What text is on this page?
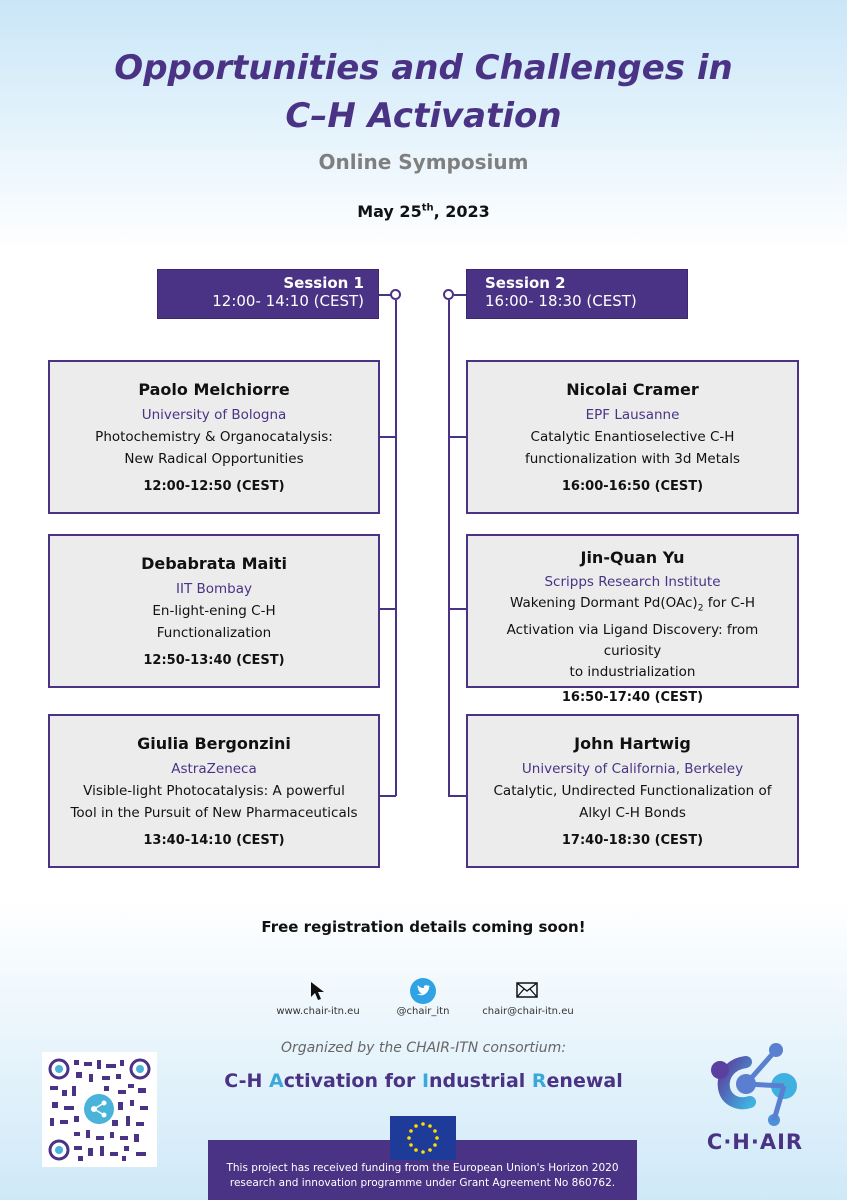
Opportunities and Challenges in
C–H Activation
Online Symposium
May 25th, 2023
Session 1
12:00- 14:10 (CEST)
Session 2
16:00- 18:30 (CEST)
Paolo Melchiorre
University of Bologna
Photochemistry & Organocatalysis:
New Radical Opportunities
12:00-12:50 (CEST)
Debabrata Maiti
IIT Bombay
En-light-ening C-H
Functionalization
12:50-13:40 (CEST)
Giulia Bergonzini
AstraZeneca
Visible-light Photocatalysis: A powerful
Tool in the Pursuit of New Pharmaceuticals
13:40-14:10 (CEST)
Nicolai Cramer
EPF Lausanne
Catalytic Enantioselective C-H
functionalization with 3d Metals
16:00-16:50 (CEST)
Jin-Quan Yu
Scripps Research Institute
Wakening Dormant $Pd(OAc)_2$ for C-H
Activation via Ligand Discovery: from curiosity
to industrialization
16:50-17:40 (CEST)
John Hartwig
University of California, Berkeley
Catalytic, Undirected Functionalization of
Alkyl C-H Bonds
17:40-18:30 (CEST)
Free registration details coming soon!
www.chair-itn.eu	@chair_itn	chair@chair-itn.eu
Organized by the CHAIR-ITN consortium:
C-H Activation for Industrial Renewal
C·H·AIR
This project has received funding from the European Union's Horizon 2020
research and innovation programme under Grant Agreement No 860762.
